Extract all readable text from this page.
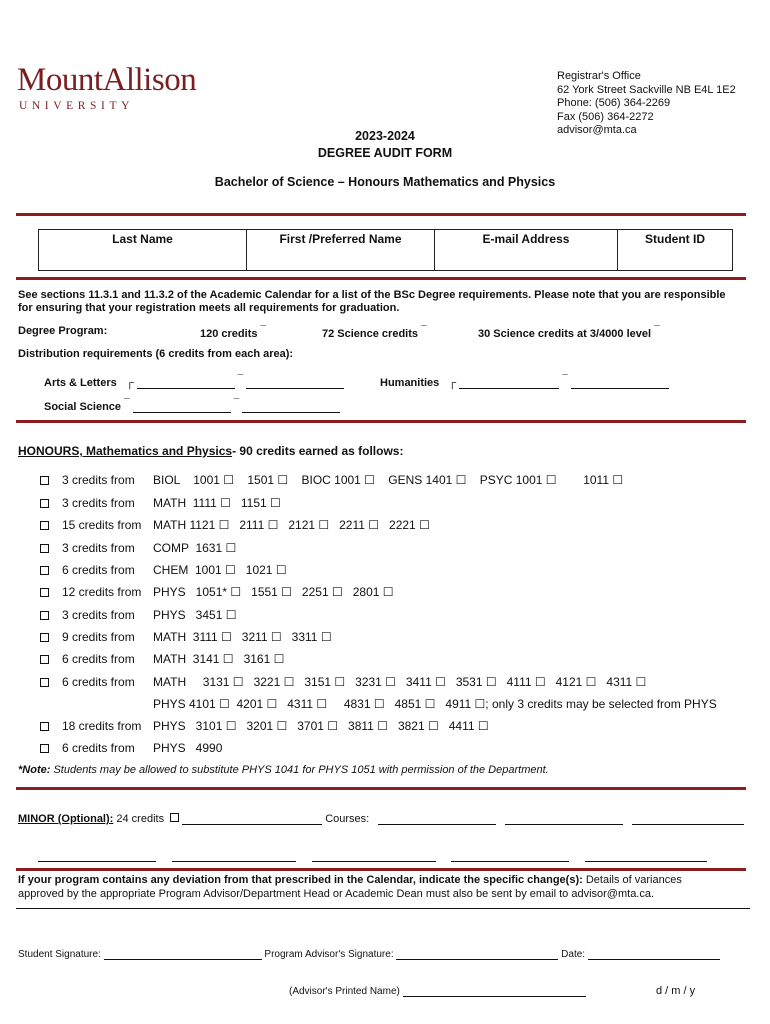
MountAllison
UNIVERSITY
Registrar's Office
62 York Street Sackville NB E4L 1E2
Phone: (506) 364-2269
Fax (506) 364-2272
advisor@mta.ca
2023-2024
DEGREE AUDIT FORM
Bachelor of Science – Honours Mathematics and Physics
Last Name	First /Preferred Name	E-mail Address	Student ID
See sections 11.3.1 and 11.3.2 of the Academic Calendar for a list of the BSc Degree requirements. Please note that you are responsible
for ensuring that your registration meets all requirements for graduation.
Degree Program:	120 credits ¯	72 Science credits ¯	30 Science credits at 3/4000 level ¯
Distribution requirements (6 credits from each area):
Arts & Letters ┌	¯	Humanities ┌	¯
Social Science ¯	¯
HONOURS, Mathematics and Physics- 90 credits earned as follows:
3 credits from BIOL    1001 ☐    1501 ☐    BIOC 1001 ☐    GENS 1401 ☐    PSYC 1001 ☐        1011 ☐
3 credits from MATH  1111 ☐   1151 ☐
15 credits from MATH 1121 ☐   2111 ☐   2121 ☐   2211 ☐   2221 ☐
3 credits from COMP  1631 ☐
6 credits from CHEM  1001 ☐   1021 ☐
12 credits from PHYS   1051* ☐   1551 ☐   2251 ☐   2801 ☐
3 credits from PHYS   3451 ☐
9 credits from MATH  3111 ☐   3211 ☐   3311 ☐
6 credits from MATH  3141 ☐   3161 ☐
6 credits from MATH     3131 ☐   3221 ☐   3151 ☐   3231 ☐   3411 ☐   3531 ☐   4111 ☐   4121 ☐   4311 ☐
PHYS 4101 ☐  4201 ☐   4311 ☐     4831 ☐   4851 ☐   4911 ☐; only 3 credits may be selected from PHYS
18 credits from PHYS   3101 ☐   3201 ☐   3701 ☐   3811 ☐   3821 ☐   4411 ☐
6 credits from PHYS   4990
*Note: Students may be allowed to substitute PHYS 1041 for PHYS 1051 with permission of the Department.
MINOR (Optional): 24 credits	Courses:

If your program contains any deviation from that prescribed in the Calendar, indicate the specific change(s): Details of variances
approved by the appropriate Program Advisor/Department Head or Academic Dean must also be sent by email to advisor@mta.ca.
Student Signature:	Program Advisor's Signature:	Date:
(Advisor's Printed Name)	d / m / y
